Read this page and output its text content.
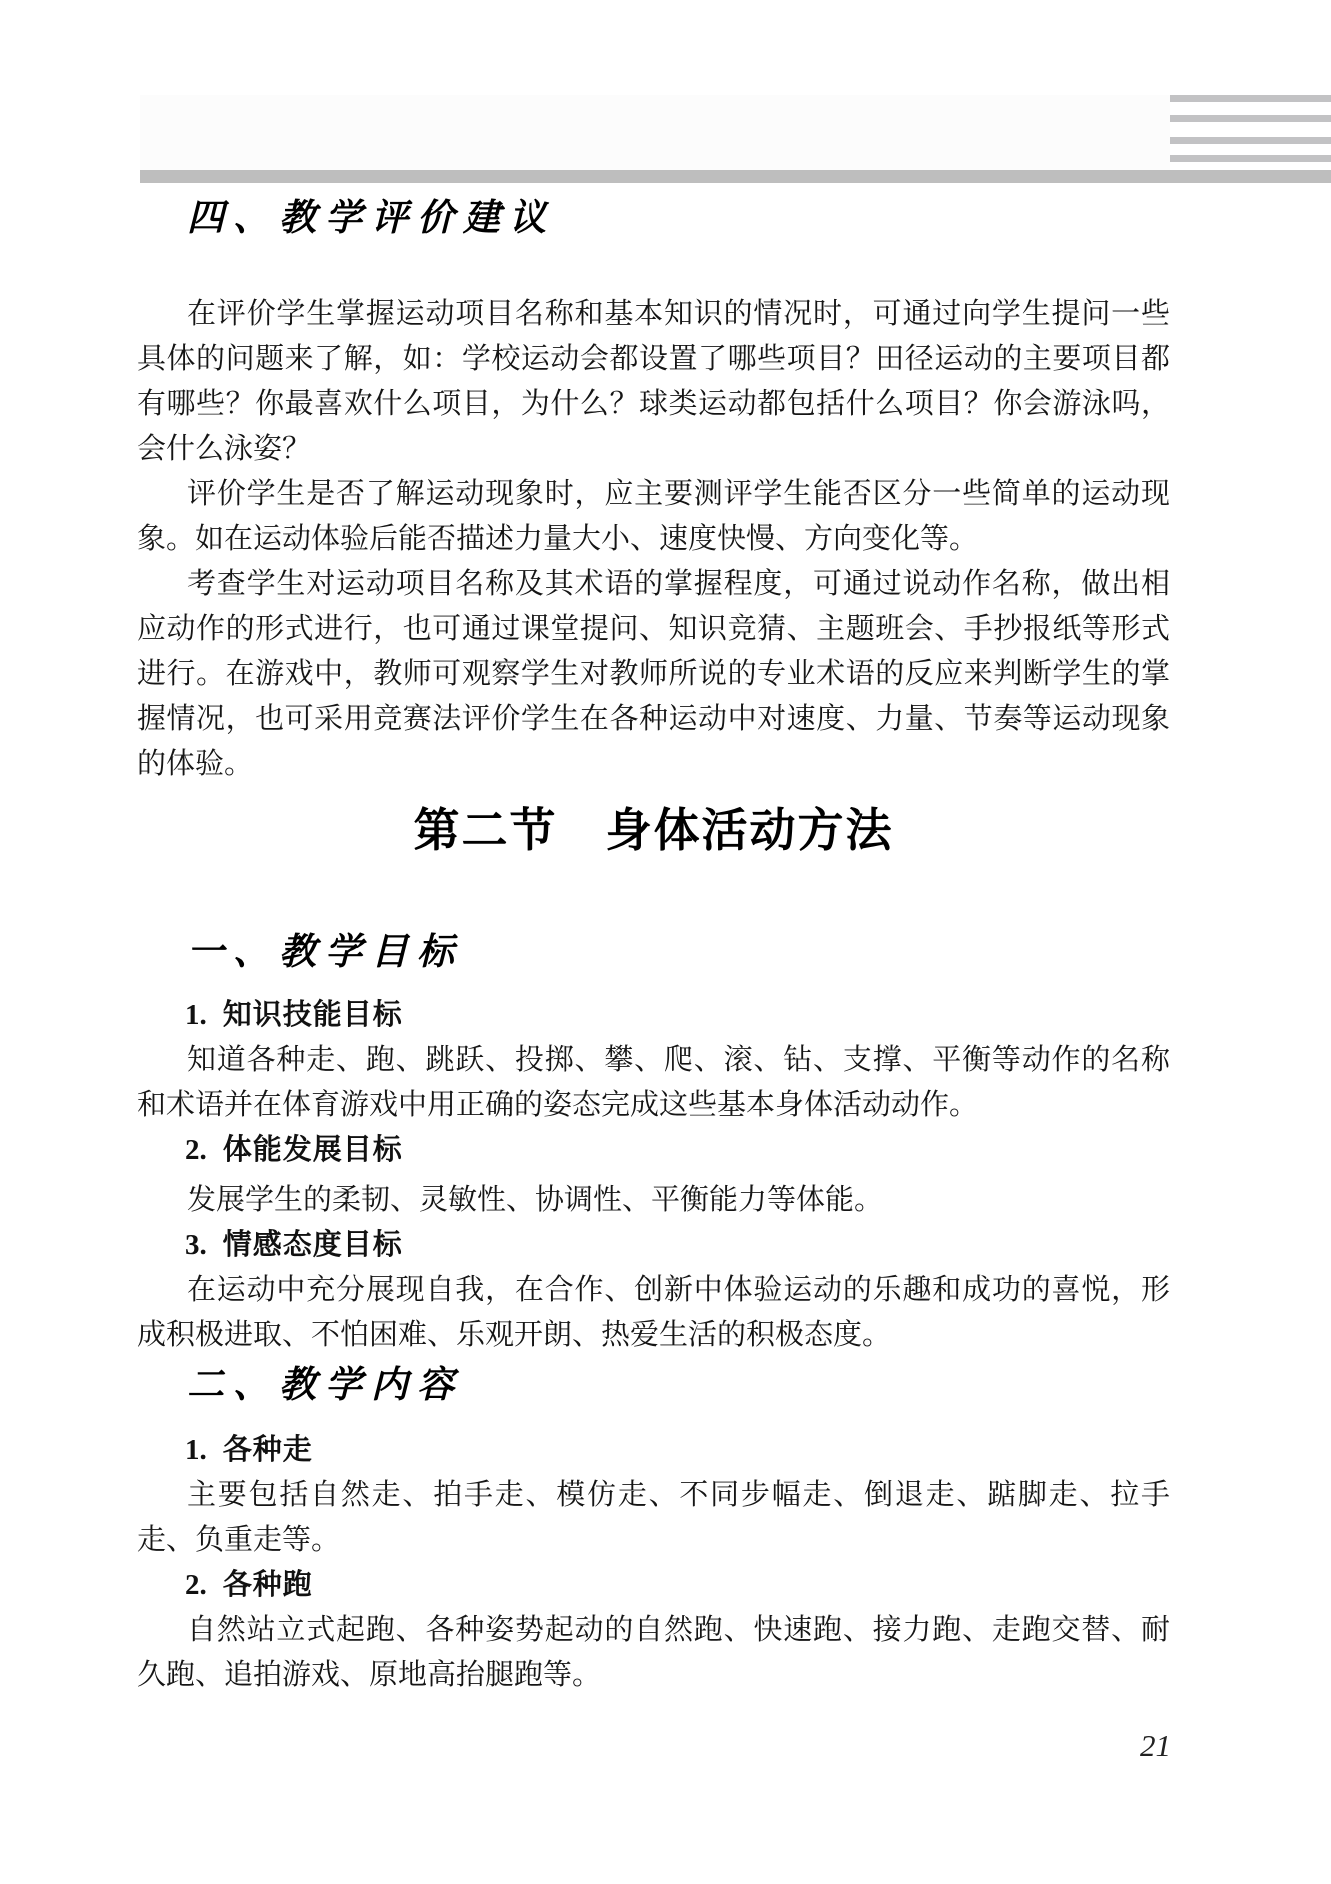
四、教学评价建议

在评价学生掌握运动项目名称和基本知识的情况时，可通过向学生提问一些具体的问题来了解，如：学校运动会都设置了哪些项目？田径运动的主要项目都有哪些？你最喜欢什么项目，为什么？球类运动都包括什么项目？你会游泳吗，会什么泳姿？

评价学生是否了解运动现象时，应主要测评学生能否区分一些简单的运动现象。如在运动体验后能否描述力量大小、速度快慢、方向变化等。

考查学生对运动项目名称及其术语的掌握程度，可通过说动作名称，做出相应动作的形式进行，也可通过课堂提问、知识竞猜、主题班会、手抄报纸等形式进行。在游戏中，教师可观察学生对教师所说的专业术语的反应来判断学生的掌握情况，也可采用竞赛法评价学生在各种运动中对速度、力量、节奏等运动现象的体验。

第二节　身体活动方法
一、教学目标
1. 知识技能目标

知道各种走、跑、跳跃、投掷、攀、爬、滚、钻、支撑、平衡等动作的名称和术语并在体育游戏中用正确的姿态完成这些基本身体活动动作。

2. 体能发展目标

发展学生的柔韧、灵敏性、协调性、平衡能力等体能。

3. 情感态度目标

在运动中充分展现自我，在合作、创新中体验运动的乐趣和成功的喜悦，形成积极进取、不怕困难、乐观开朗、热爱生活的积极态度。

二、教学内容
1. 各种走

主要包括自然走、拍手走、模仿走、不同步幅走、倒退走、踮脚走、拉手走、负重走等。

2. 各种跑

自然站立式起跑、各种姿势起动的自然跑、快速跑、接力跑、走跑交替、耐久跑、追拍游戏、原地高抬腿跑等。

21
